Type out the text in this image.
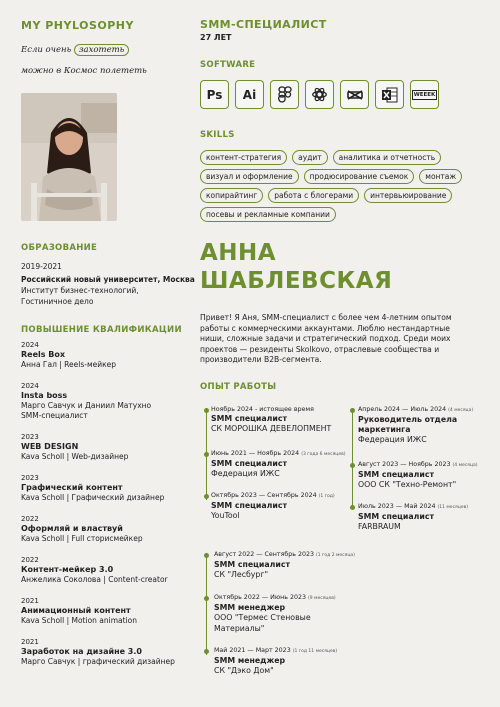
MY PHYLOSOPHY
Если очень захотеть
можно в Космос полететь
ОБРАЗОВАНИЕ
2019-2021
Российский новый университет, Москва
Институт бизнес-технологий,
Гостиничное дело
ПОВЫШЕНИЕ КВАЛИФИКАЦИИ
2024
Reels Box
Анна Гал | Reels-мейкер
2024
Insta boss
Марго Савчук и Даниил Матухно SMM-специалист
2023
WEB DESIGN
Kava Scholl | Web-дизайнер
2023
Графический контент
Kava Scholl | Графический дизайнер
2022
Оформляй и властвуй
Kava Scholl | Full сторисмейкер
2022
Контент-мейкер 3.0
Анжелика Соколова | Content-creator
2021
Анимационный контент
Kava Scholl | Motion animation
2021
Заработок на дизайне 3.0
Марго Савчук | графический дизайнер
SMM-СПЕЦИАЛИСТ
27 ЛЕТ
SOFTWARE
Ps Ai	WEEEK
SKILLS
контент-стратегия	аудит	аналитика и отчетность
визуал и оформление	продюсирование съемок	монтаж
копирайтинг	работа с блогерами	интервьюирование
посевы и рекламные компании
АННА
ШАБЛЕВСКАЯ
Привет! Я Аня, SMM-специалист с более чем 4-летним опытом работы с коммерческими аккаунтами. Люблю нестандартные ниши, сложные задачи и стратегический подход. Среди моих проектов — резиденты Skolkovo, отраслевые сообщества и производители B2B-сегмента.
ОПЫТ РАБОТЫ
Ноябрь 2024 - истоящее время
SMM специалист
СК МОРОШКА ДЕВЕЛОПМЕНТ
Июнь 2021 — Ноябрь 2024 (3 года 6 месяцев)
SMM специалист
Федерация ИЖС
Октябрь 2023 — Сентябрь 2024 (1 год)
SMM специалист
YouTool
Апрель 2024 — Июль 2024 (4 месяца)
Руководитель отдела маркетинга
Федерация ИЖС
Август 2023 — Ноябрь 2023 (4 месяца)
SMM специалист
ООО СК "Техно-Ремонт"
Июль 2023 — Май 2024 (11 месяцев)
SMM специалист
FARBRAUM
Август 2022 — Сентябрь 2023 (1 год 2 месяца)
SMM специалист
СК "Лесбург"
Октябрь 2022 — Июнь 2023 (9 месяцев)
SMM менеджер
ООО "Термес Стеновые Материалы"
Май 2021 — Март 2023 (1 год 11 месяцев)
SMM менеджер
СК "Дэко Дом"
